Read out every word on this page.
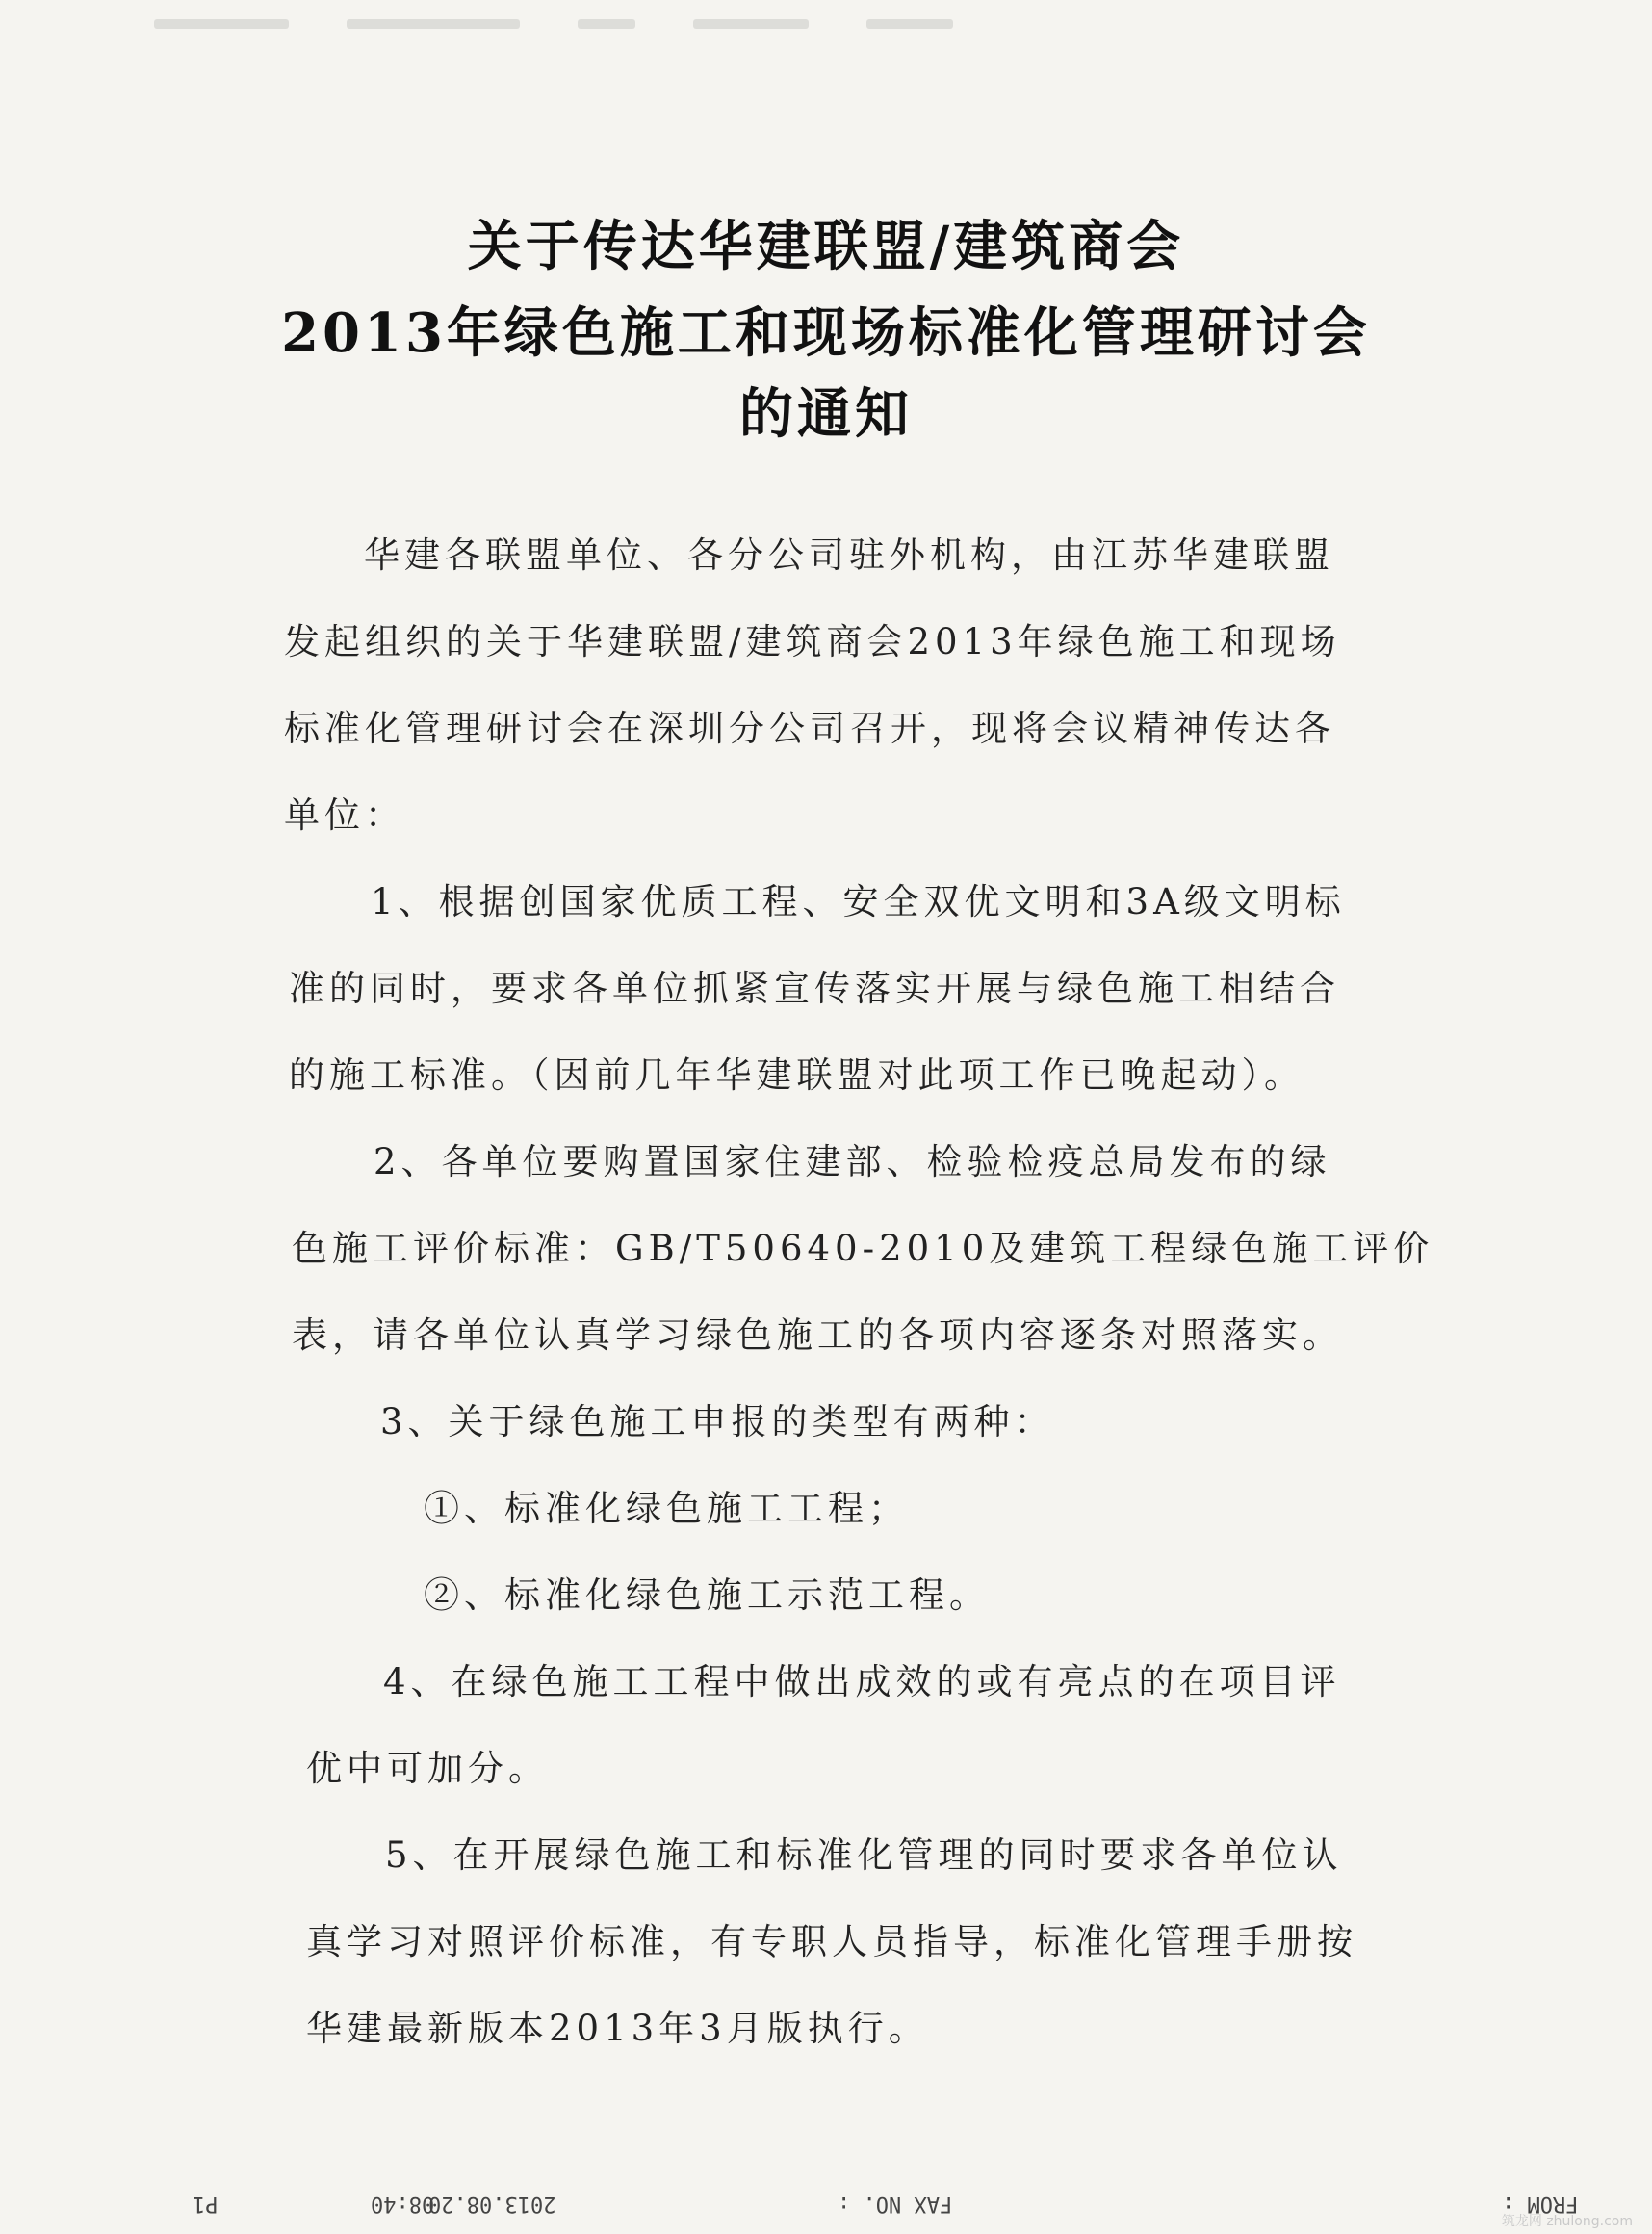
关于传达华建联盟/建筑商会
2013年绿色施工和现场标准化管理研讨会
的通知
华建各联盟单位、各分公司驻外机构，由江苏华建联盟
发起组织的关于华建联盟/建筑商会2013年绿色施工和现场
标准化管理研讨会在深圳分公司召开，现将会议精神传达各
单位：
1、根据创国家优质工程、安全双优文明和3A级文明标
准的同时，要求各单位抓紧宣传落实开展与绿色施工相结合
的施工标准。（因前几年华建联盟对此项工作已晚起动）。
2、各单位要购置国家住建部、检验检疫总局发布的绿
色施工评价标准：GB/T50640-2010及建筑工程绿色施工评价
表，请各单位认真学习绿色施工的各项内容逐条对照落实。
3、关于绿色施工申报的类型有两种：
①、标准化绿色施工工程；
②、标准化绿色施工示范工程。
4、在绿色施工工程中做出成效的或有亮点的在项目评
优中可加分。
5、在开展绿色施工和标准化管理的同时要求各单位认
真学习对照评价标准，有专职人员指导，标准化管理手册按
华建最新版本2013年3月版执行。
P1	08:40
2013.08.20	FAX NO. :	FROM :
筑龙网 zhulong.com
